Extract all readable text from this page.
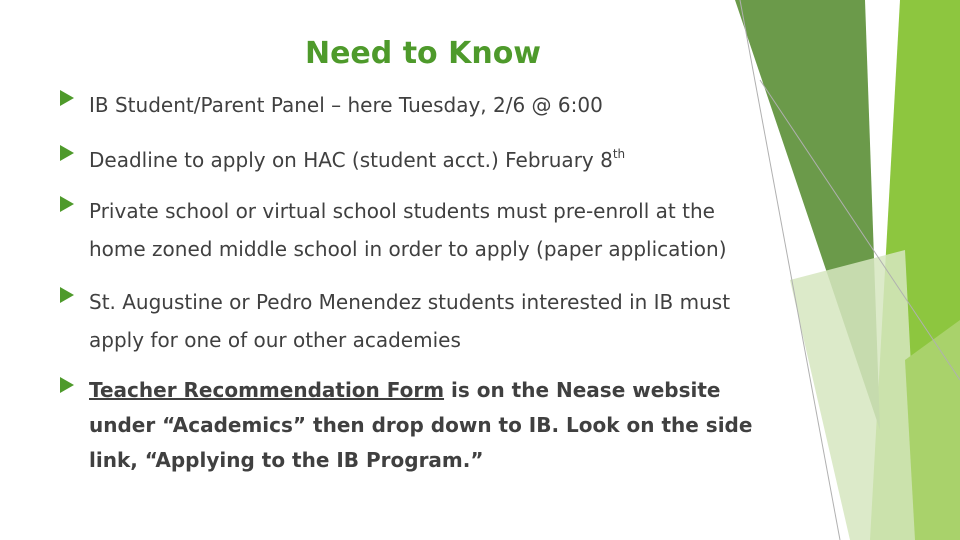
Need to Know
IB Student/Parent Panel – here Tuesday, 2/6 @ 6:00
Deadline to apply on HAC (student acct.) February 8th
Private school or virtual school students must pre-enroll at the
home zoned middle school in order to apply (paper application)
St. Augustine or Pedro Menendez students interested in IB must
apply for one of our other academies
Teacher Recommendation Form is on the Nease website
under “Academics” then drop down to IB. Look on the side
link, “Applying to the IB Program.”
